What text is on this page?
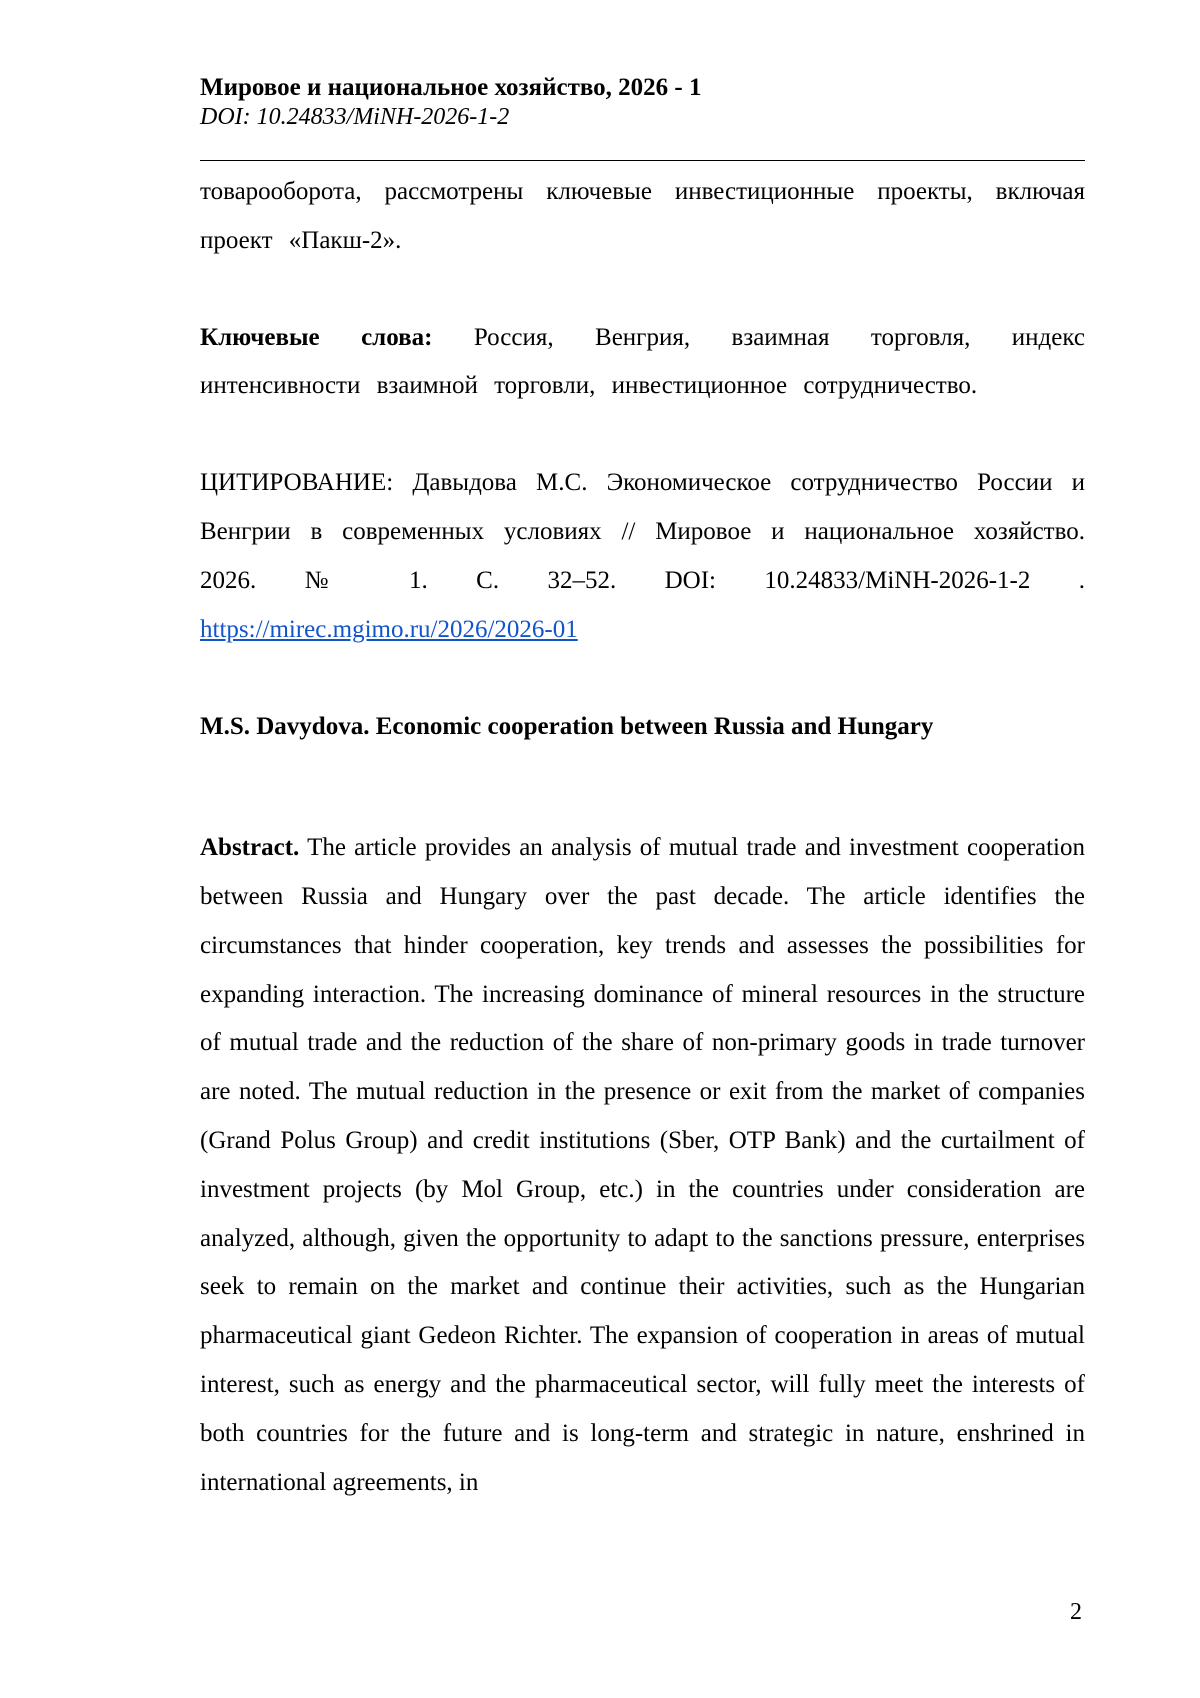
Мировое и национальное хозяйство, 2026 - 1
DOI: 10.24833/MiNH-2026-1-2

товарооборота, рассмотрены ключевые инвестиционные проекты, включая проект «Пакш-2».

Ключевые слова: Россия, Венгрия, взаимная торговля, индекс интенсивности взаимной торговли, инвестиционное сотрудничество.

ЦИТИРОВАНИЕ: Давыдова М.С. Экономическое сотрудничество России и Венгрии в современных условиях // Мировое и национальное хозяйство. 2026. № 1. С. 32–52. DOI: 10.24833/MiNH-2026-1-2 . https://mirec.mgimo.ru/2026/2026-01

M.S. Davydova. Economic cooperation between Russia and Hungary

Abstract. The article provides an analysis of mutual trade and investment cooperation between Russia and Hungary over the past decade. The article identifies the circumstances that hinder cooperation, key trends and assesses the possibilities for expanding interaction. The increasing dominance of mineral resources in the structure of mutual trade and the reduction of the share of non-primary goods in trade turnover are noted. The mutual reduction in the presence or exit from the market of companies (Grand Polus Group) and credit institutions (Sber, OTP Bank) and the curtailment of investment projects (by Mol Group, etc.) in the countries under consideration are analyzed, although, given the opportunity to adapt to the sanctions pressure, enterprises seek to remain on the market and continue their activities, such as the Hungarian pharmaceutical giant Gedeon Richter. The expansion of cooperation in areas of mutual interest, such as energy and the pharmaceutical sector, will fully meet the interests of both countries for the future and is long-term and strategic in nature, enshrined in international agreements, in

2
